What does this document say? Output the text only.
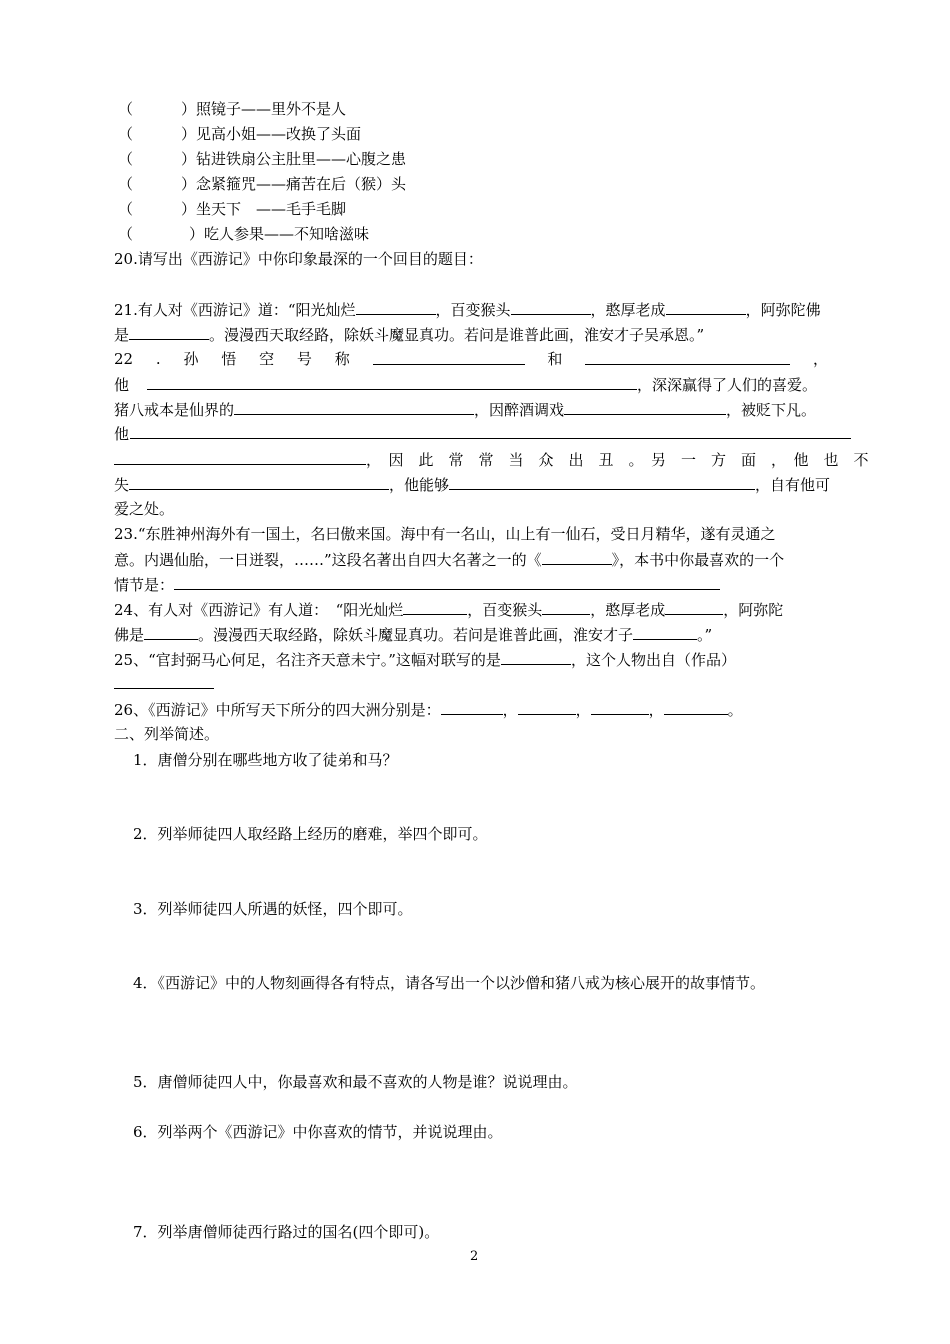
（	）照镜子——里外不是人
（	）见高小姐——改换了头面
（	）钻进铁扇公主肚里——心腹之患
（	）念紧箍咒——痛苦在后（猴）头
（	）坐天下　——毛手毛脚
（	）吃人参果——不知啥滋味
20.请写出《西游记》中你印象最深的一个回目的题目：
21.有人对《西游记》道：“阳光灿烂	，百变猴头	，憨厚老成	，阿弥陀佛
是	。漫漫西天取经路，除妖斗魔显真功。若问是谁普此画，淮安才子吴承恩。”
22 . 孙 悟 空 号 称	和	，
他	，深深赢得了人们的喜爱。
猪八戒本是仙界的	，因醉酒调戏	，被贬下凡。
他
，　因　此　常　常　当　众　出　丑　。　另　一　方　面　，　他　也　不
失	，他能够	，自有他可
爱之处。
23.“东胜神州海外有一国土，名曰傲来国。海中有一名山，山上有一仙石，受日月精华，遂有灵通之
意。内遇仙胎，一日迸裂，……”这段名著出自四大名著之一的《	》，本书中你最喜欢的一个
情节是：
24、有人对《西游记》有人道：　“阳光灿烂	，百变猴头	，憨厚老成	，阿弥陀
佛是	。漫漫西天取经路，除妖斗魔显真功。若问是谁普此画，淮安才子	。”
25、“官封弼马心何足，名注齐天意未宁。”这幅对联写的是	，这个人物出自（作品）
26、《西游记》中所写天下所分的四大洲分别是：	，	，	，	。
二、列举简述。
1．唐僧分别在哪些地方收了徒弟和马？
2．列举师徒四人取经路上经历的磨难，举四个即可。
3．列举师徒四人所遇的妖怪，四个即可。
4．《西游记》中的人物刻画得各有特点，请各写出一个以沙僧和猪八戒为核心展开的故事情节。
5．唐僧师徒四人中，你最喜欢和最不喜欢的人物是谁？说说理由。
6．列举两个《西游记》中你喜欢的情节，并说说理由。
7．列举唐僧师徒西行路过的国名(四个即可)。
2
